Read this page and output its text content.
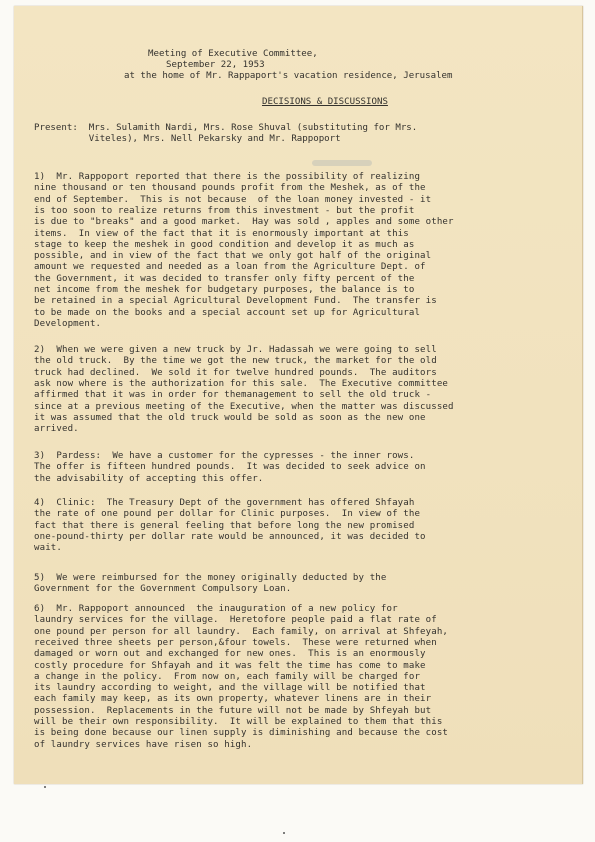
Meeting of Executive Committee,
September 22, 1953
at the home of Mr. Rappaport's vacation residence, Jerusalem
DECISIONS & DISCUSSIONS
Present:  Mrs. Sulamith Nardi, Mrs. Rose Shuval (substituting for Mrs.
Viteles), Mrs. Nell Pekarsky and Mr. Rappoport
1)  Mr. Rappoport reported that there is the possibility of realizing
nine thousand or ten thousand pounds profit from the Meshek, as of the
end of September.  This is not because  of the loan money invested - it
is too soon to realize returns from this investment - but the profit
is due to "breaks" and a good market.  Hay was sold , apples and some other
items.  In view of the fact that it is enormously important at this
stage to keep the meshek in good condition and develop it as much as
possible, and in view of the fact that we only got half of the original
amount we requested and needed as a loan from the Agriculture Dept. of
the Government, it was decided to transfer only fifty percent of the
net income from the meshek for budgetary purposes, the balance is to
be retained in a special Agricultural Development Fund.  The transfer is
to be made on the books and a special account set up for Agricultural
Development.
2)  When we were given a new truck by Jr. Hadassah we were going to sell
the old truck.  By the time we got the new truck, the market for the old
truck had declined.  We sold it for twelve hundred pounds.  The auditors
ask now where is the authorization for this sale.  The Executive committee
affirmed that it was in order for themanagement to sell the old truck -
since at a previous meeting of the Executive, when the matter was discussed
it was assumed that the old truck would be sold as soon as the new one
arrived.
3)  Pardess:  We have a customer for the cypresses - the inner rows.
The offer is fifteen hundred pounds.  It was decided to seek advice on
the advisability of accepting this offer.
4)  Clinic:  The Treasury Dept of the government has offered Shfayah
the rate of one pound per dollar for Clinic purposes.  In view of the
fact that there is general feeling that before long the new promised
one-pound-thirty per dollar rate would be announced, it was decided to
wait.
5)  We were reimbursed for the money originally deducted by the
Government for the Government Compulsory Loan.
6)  Mr. Rappoport announced  the inauguration of a new policy for
laundry services for the village.  Heretofore people paid a flat rate of
one pound per person for all laundry.  Each family, on arrival at Shfeyah,
received three sheets per person,&four towels.  These were returned when
damaged or worn out and exchanged for new ones.  This is an enormously
costly procedure for Shfayah and it was felt the time has come to make
a change in the policy.  From now on, each family will be charged for
its laundry according to weight, and the village will be notified that
each family may keep, as its own property, whatever linens are in their
possession.  Replacements in the future will not be made by Shfeyah but
will be their own responsibility.  It will be explained to them that this
is being done because our linen supply is diminishing and because the cost
of laundry services have risen so high.
